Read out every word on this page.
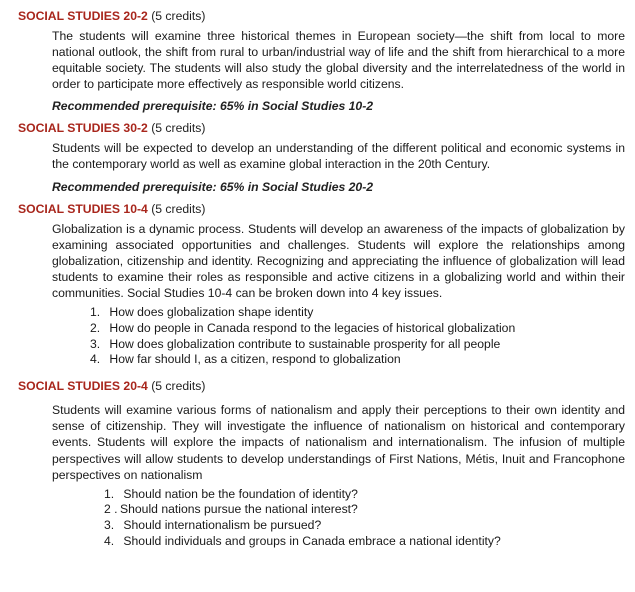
SOCIAL STUDIES 20-2 (5 credits)

The students will examine three historical themes in European society—the shift from local to more national outlook, the shift from rural to urban/industrial way of life and the shift from hierarchical to a more equitable society. The students will also study the global diversity and the interrelatedness of the world in order to participate more effectively as responsible world citizens.

Recommended prerequisite: 65% in Social Studies 10-2

SOCIAL STUDIES 30-2 (5 credits)

Students will be expected to develop an understanding of the different political and economic systems in the contemporary world as well as examine global interaction in the 20th Century.

Recommended prerequisite: 65% in Social Studies 20-2

SOCIAL STUDIES 10-4 (5 credits)

Globalization is a dynamic process. Students will develop an awareness of the impacts of globalization by examining associated opportunities and challenges. Students will explore the relationships among globalization, citizenship and identity. Recognizing and appreciating the influence of globalization will lead students to examine their roles as responsible and active citizens in a globalizing world and within their communities. Social Studies 10-4 can be broken down into 4 key issues.

1. How does globalization shape identity
2. How do people in Canada respond to the legacies of historical globalization
3. How does globalization contribute to sustainable prosperity for all people
4. How far should I, as a citizen, respond to globalization

SOCIAL STUDIES 20-4 (5 credits)

Students will examine various forms of nationalism and apply their perceptions to their own identity and sense of citizenship. They will investigate the influence of nationalism on historical and contemporary events. Students will explore the impacts of nationalism and internationalism. The infusion of multiple perspectives will allow students to develop understandings of First Nations, Métis, Inuit and Francophone perspectives on nationalism

1. Should nation be the foundation of identity?
2 . Should nations pursue the national interest?
3. Should internationalism be pursued?
4. Should individuals and groups in Canada embrace a national identity?
